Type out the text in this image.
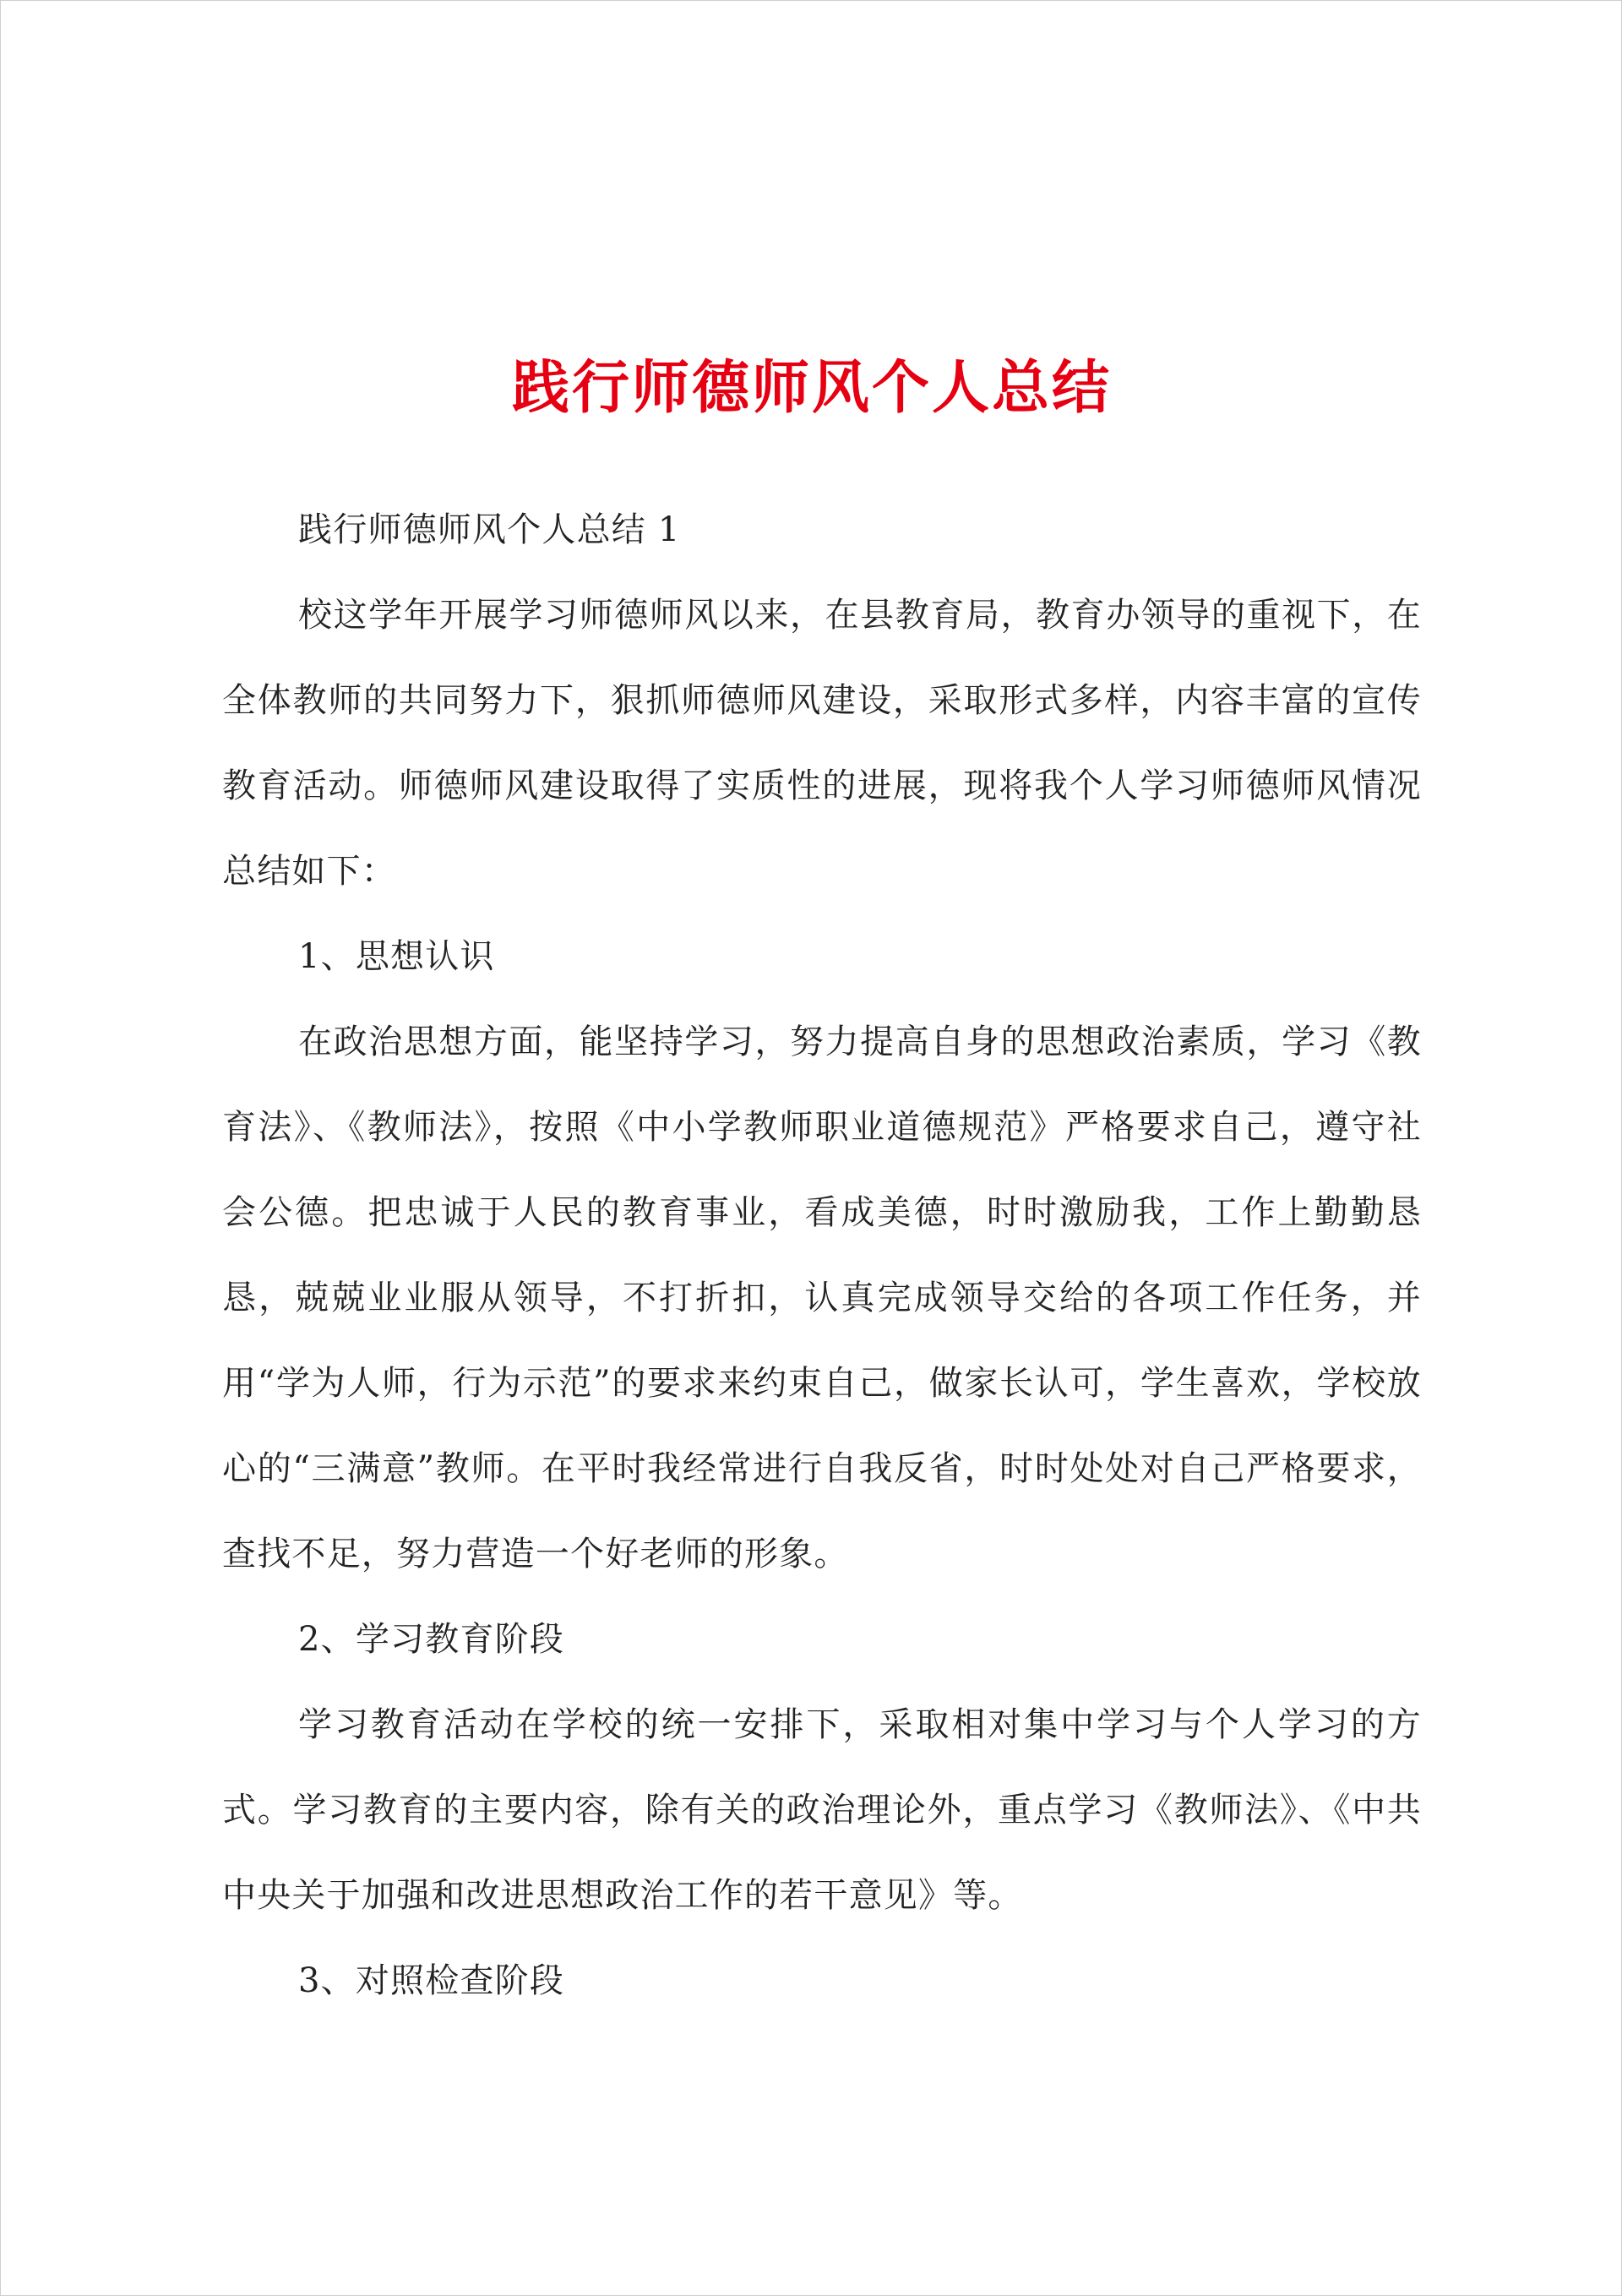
践行师德师风个人总结

践行师德师风个人总结 1

校这学年开展学习师德师风以来，在县教育局，教育办领导的重视下，在全体教师的共同努力下，狠抓师德师风建设，采取形式多样，内容丰富的宣传教育活动。师德师风建设取得了实质性的进展，现将我个人学习师德师风情况总结如下：

1、思想认识

在政治思想方面，能坚持学习，努力提高自身的思想政治素质，学习《教育法》、《教师法》，按照《中小学教师职业道德规范》严格要求自己，遵守社会公德。把忠诚于人民的教育事业，看成美德，时时激励我，工作上勤勤恳恳，兢兢业业服从领导，不打折扣，认真完成领导交给的各项工作任务，并用“学为人师，行为示范”的要求来约束自己，做家长认可，学生喜欢，学校放心的“三满意”教师。在平时我经常进行自我反省，时时处处对自己严格要求，查找不足，努力营造一个好老师的形象。

2、学习教育阶段

学习教育活动在学校的统一安排下，采取相对集中学习与个人学习的方式。学习教育的主要内容，除有关的政治理论外，重点学习《教师法》、《中共中央关于加强和改进思想政治工作的若干意见》等。

3、对照检查阶段
